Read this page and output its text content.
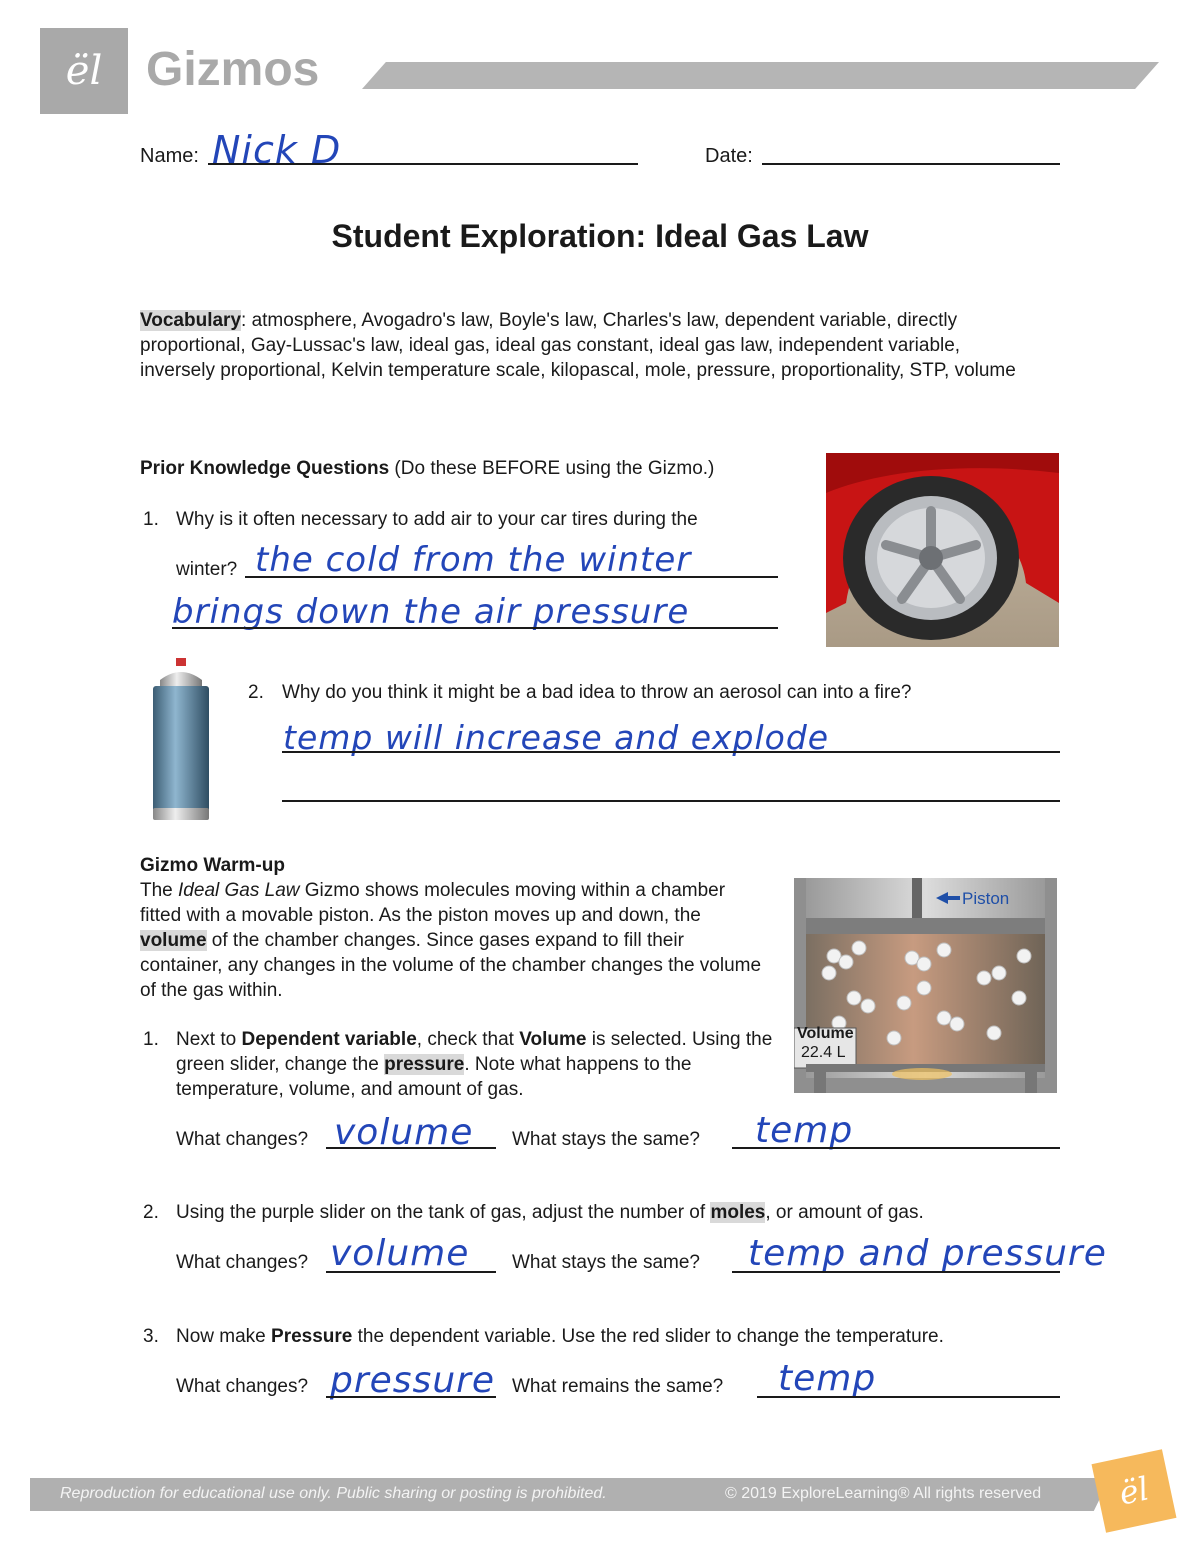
ël Gizmos
Name: Nick D	Date:
Student Exploration: Ideal Gas Law
Vocabulary: atmosphere, Avogadro's law, Boyle's law, Charles's law, dependent variable, directly proportional, Gay-Lussac's law, ideal gas, ideal gas constant, ideal gas law, independent variable, inversely proportional, Kelvin temperature scale, kilopascal, mole, pressure, proportionality, STP, volume
Prior Knowledge Questions (Do these BEFORE using the Gizmo.)
1. Why is it often necessary to add air to your car tires during the
winter? the cold from the winter
brings down the air pressure
2. Why do you think it might be a bad idea to throw an aerosol can into a fire?
temp will increase and explode
Gizmo Warm-up
The Ideal Gas Law Gizmo shows molecules moving within a chamber fitted with a movable piston. As the piston moves up and down, the volume of the chamber changes. Since gases expand to fill their container, any changes in the volume of the chamber changes the volume of the gas within.
Piston
Volume
22.4 L
1. Next to Dependent variable, check that Volume is selected. Using the green slider, change the pressure. Note what happens to the temperature, volume, and amount of gas.
What changes? volume What stays the same? temp
2. Using the purple slider on the tank of gas, adjust the number of moles, or amount of gas.
What changes? volume What stays the same? temp and pressure
3. Now make Pressure the dependent variable. Use the red slider to change the temperature.
What changes? pressure What remains the same? temp
Reproduction for educational use only. Public sharing or posting is prohibited.	© 2019 ExploreLearning® All rights reserved ël
